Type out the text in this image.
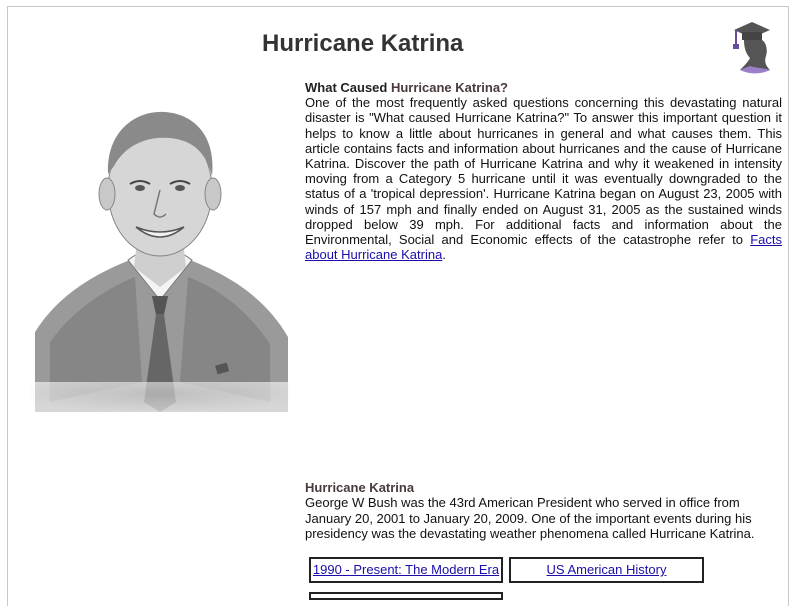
Hurricane Katrina
What Caused Hurricane Katrina?

One of the most frequently asked questions concerning this devastating natural disaster is "What caused Hurricane Katrina?" To answer this important question it helps to know a little about hurricanes in general and what causes them. This article contains facts and information about hurricanes and the cause of Hurricane Katrina. Discover the path of Hurricane Katrina and why it weakened in intensity moving from a Category 5 hurricane until it was eventually downgraded to the status of a 'tropical depression'. Hurricane Katrina began on August 23, 2005 with winds of 157 mph and finally ended on August 31, 2005 as the sustained winds dropped below 39 mph. For additional facts and information about the Environmental, Social and Economic effects of the catastrophe refer to Facts about Hurricane Katrina.

Hurricane Katrina

George W Bush was the 43rd American President who served in office from January 20, 2001 to January 20, 2009. One of the important events during his presidency was the devastating weather phenomena called Hurricane Katrina.

1990 - Present: The Modern Era	US American History
